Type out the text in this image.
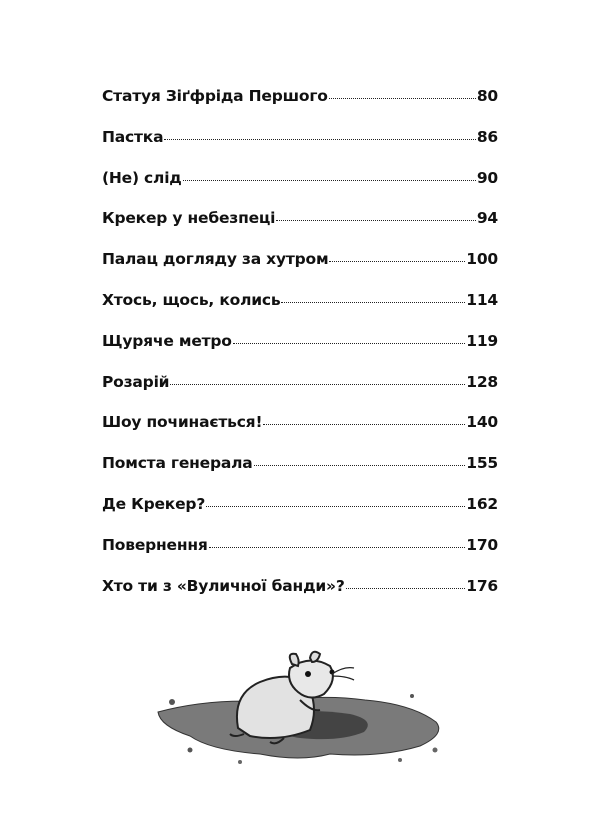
Статуя Зіґфріда Першого	80
Пастка	86
(Не) слід	90
Крекер у небезпеці	94
Палац догляду за хутром	100
Хтось, щось, колись	114
Щуряче метро	119
Розарій	128
Шоу починається!	140
Помста генерала	155
Де Крекер?	162
Повернення	170
Хто ти з «Вуличної банди»?	176
